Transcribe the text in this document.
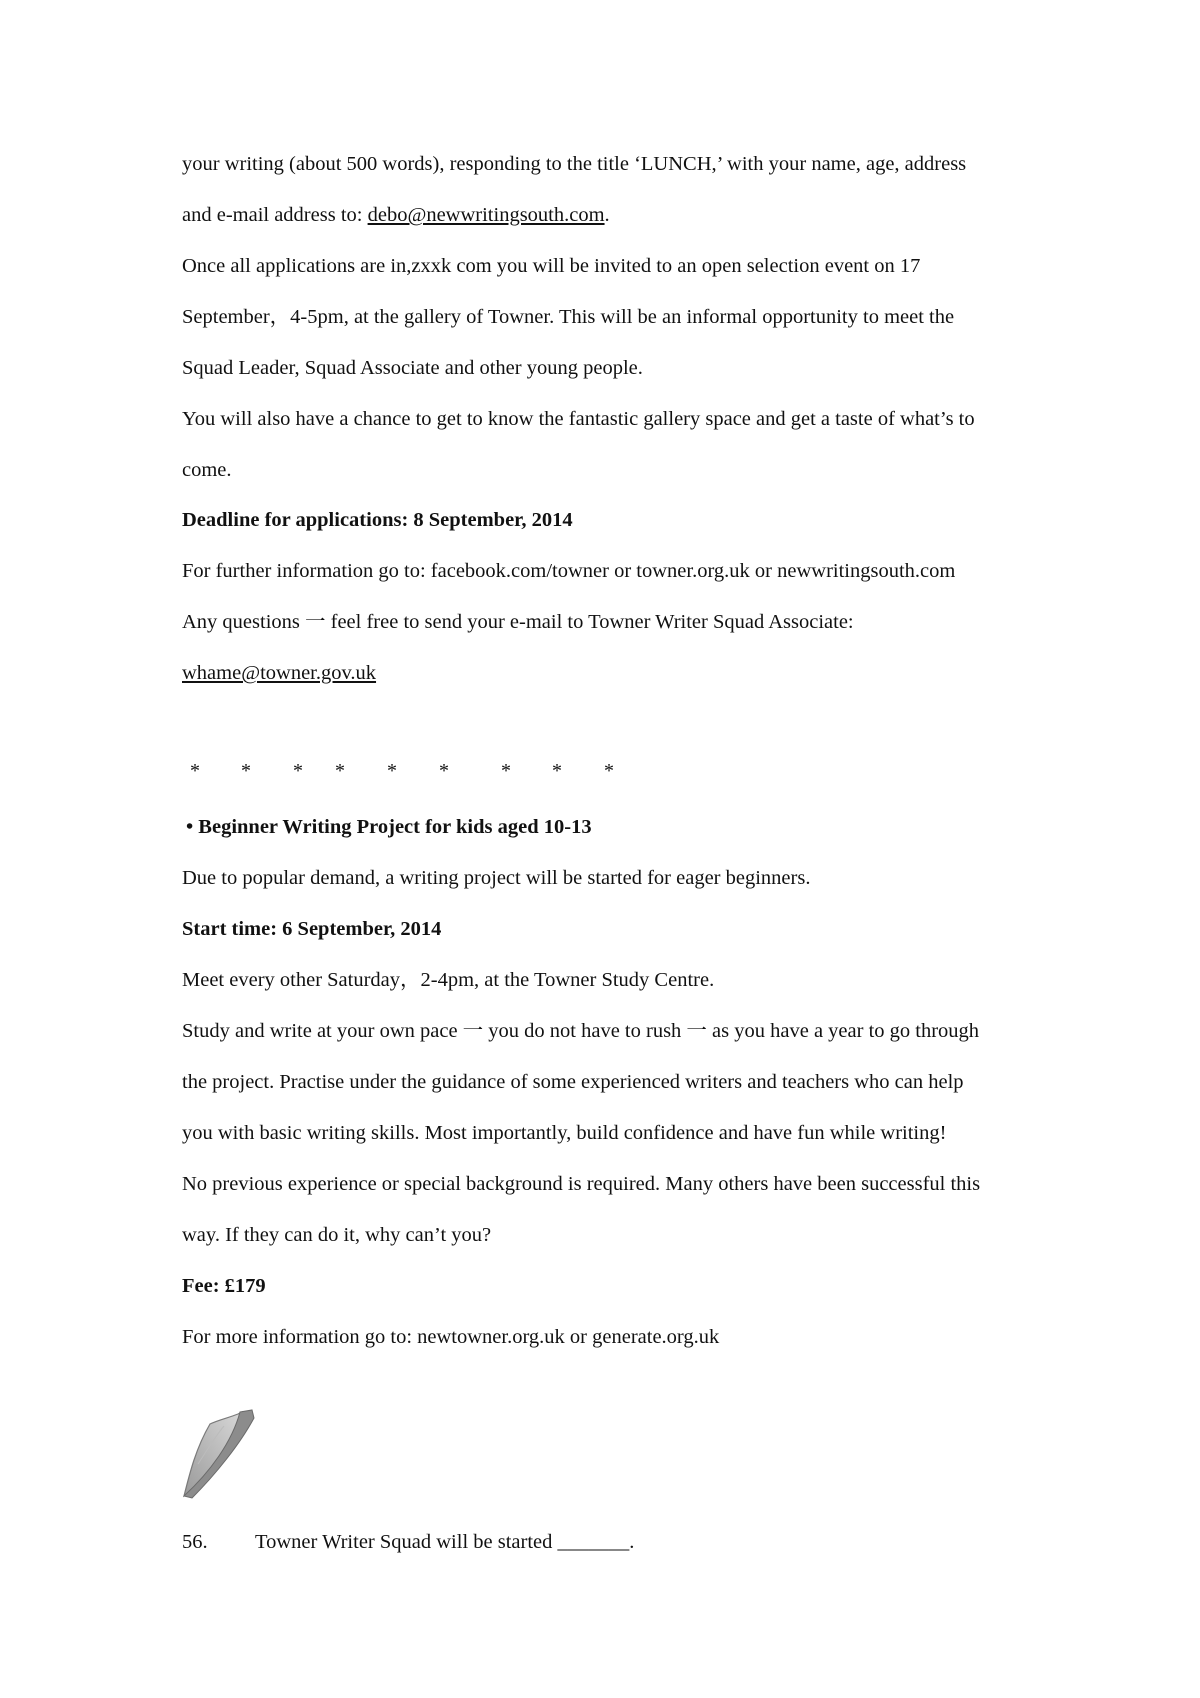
your writing (about 500 words), responding to the title ‘LUNCH,’ with your name, age, address
and e-mail address to: debo@newwritingsouth.com.
Once all applications are in,zxxk com you will be invited to an open selection event on 17
September，4-5pm, at the gallery of Towner. This will be an informal opportunity to meet the
Squad Leader, Squad Associate and other young people.
You will also have a chance to get to know the fantastic gallery space and get a taste of what’s to
come.
Deadline for applications: 8 September, 2014
For further information go to: facebook.com/towner or towner.org.uk or newwritingsouth.com
Any questions 一 feel free to send your e-mail to Towner Writer Squad Associate:
whame@towner.gov.uk
* * * * * *	* * *
• Beginner Writing Project for kids aged 10-13
Due to popular demand, a writing project will be started for eager beginners.
Start time: 6 September, 2014
Meet every other Saturday，2-4pm, at the Towner Study Centre.
Study and write at your own pace 一 you do not have to rush 一 as you have a year to go through
the project. Practise under the guidance of some experienced writers and teachers who can help
you with basic writing skills. Most importantly, build confidence and have fun while writing!
No previous experience or special background is required. Many others have been successful this
way. If they can do it, why can’t you?
Fee: £179
For more information go to: newtowner.org.uk or generate.org.uk
56. Towner Writer Squad will be started _______.
